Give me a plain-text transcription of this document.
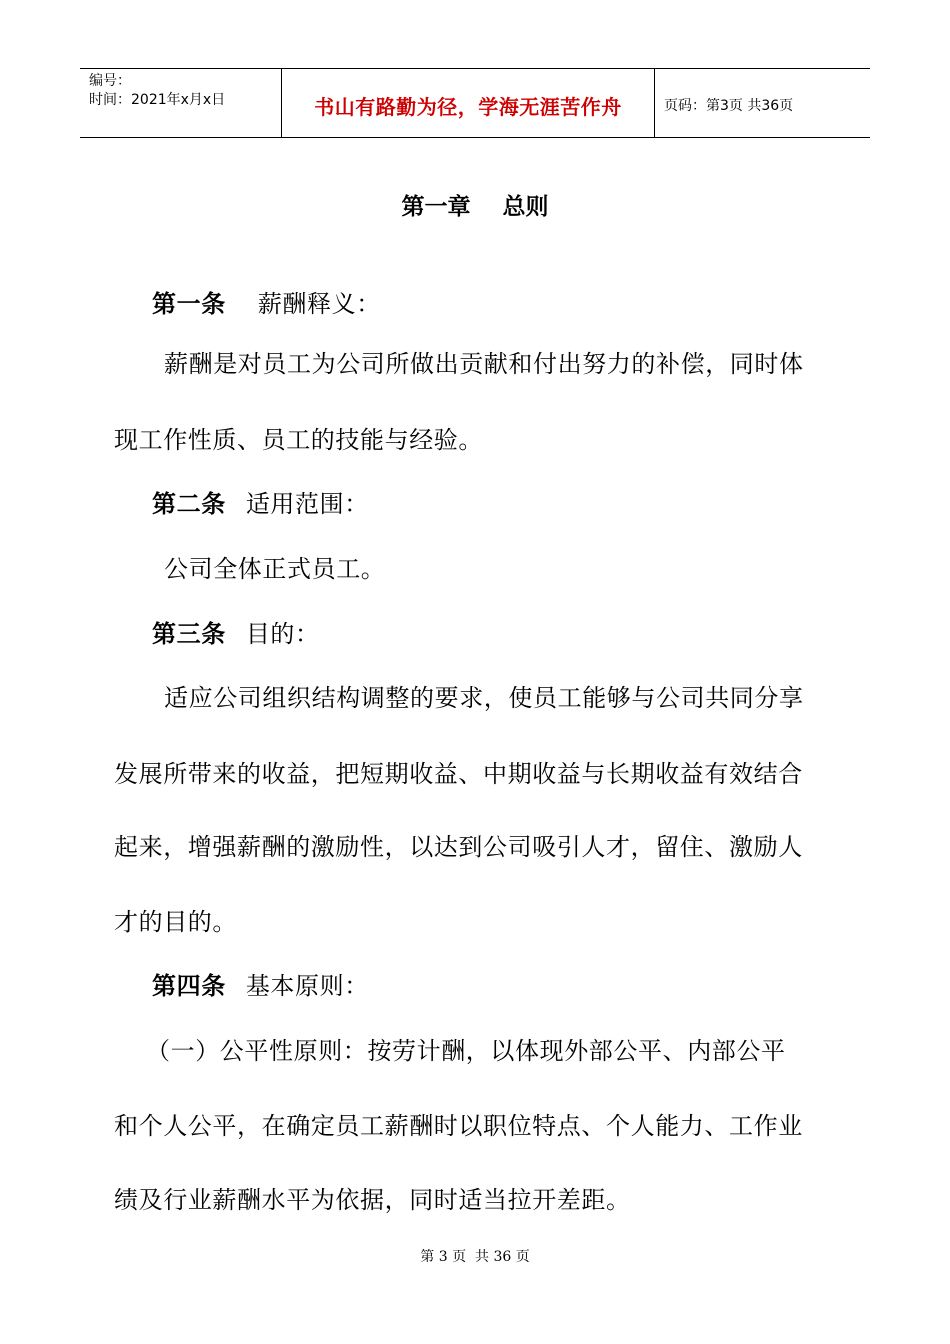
编号：
时间：2021年x月x日	书山有路勤为径，学海无涯苦作舟	页码：第3页 共36页
第一章    总则
第一条 薪酬释义：
薪酬是对员工为公司所做出贡献和付出努力的补偿，同时体
现工作性质、员工的技能与经验。
第二条 适用范围：
公司全体正式员工。
第三条 目的：
适应公司组织结构调整的要求，使员工能够与公司共同分享
发展所带来的收益，把短期收益、中期收益与长期收益有效结合
起来，增强薪酬的激励性，以达到公司吸引人才，留住、激励人
才的目的。
第四条 基本原则：
（一）公平性原则：按劳计酬，以体现外部公平、内部公平
和个人公平，在确定员工薪酬时以职位特点、个人能力、工作业
绩及行业薪酬水平为依据，同时适当拉开差距。
第 3 页  共 36 页
